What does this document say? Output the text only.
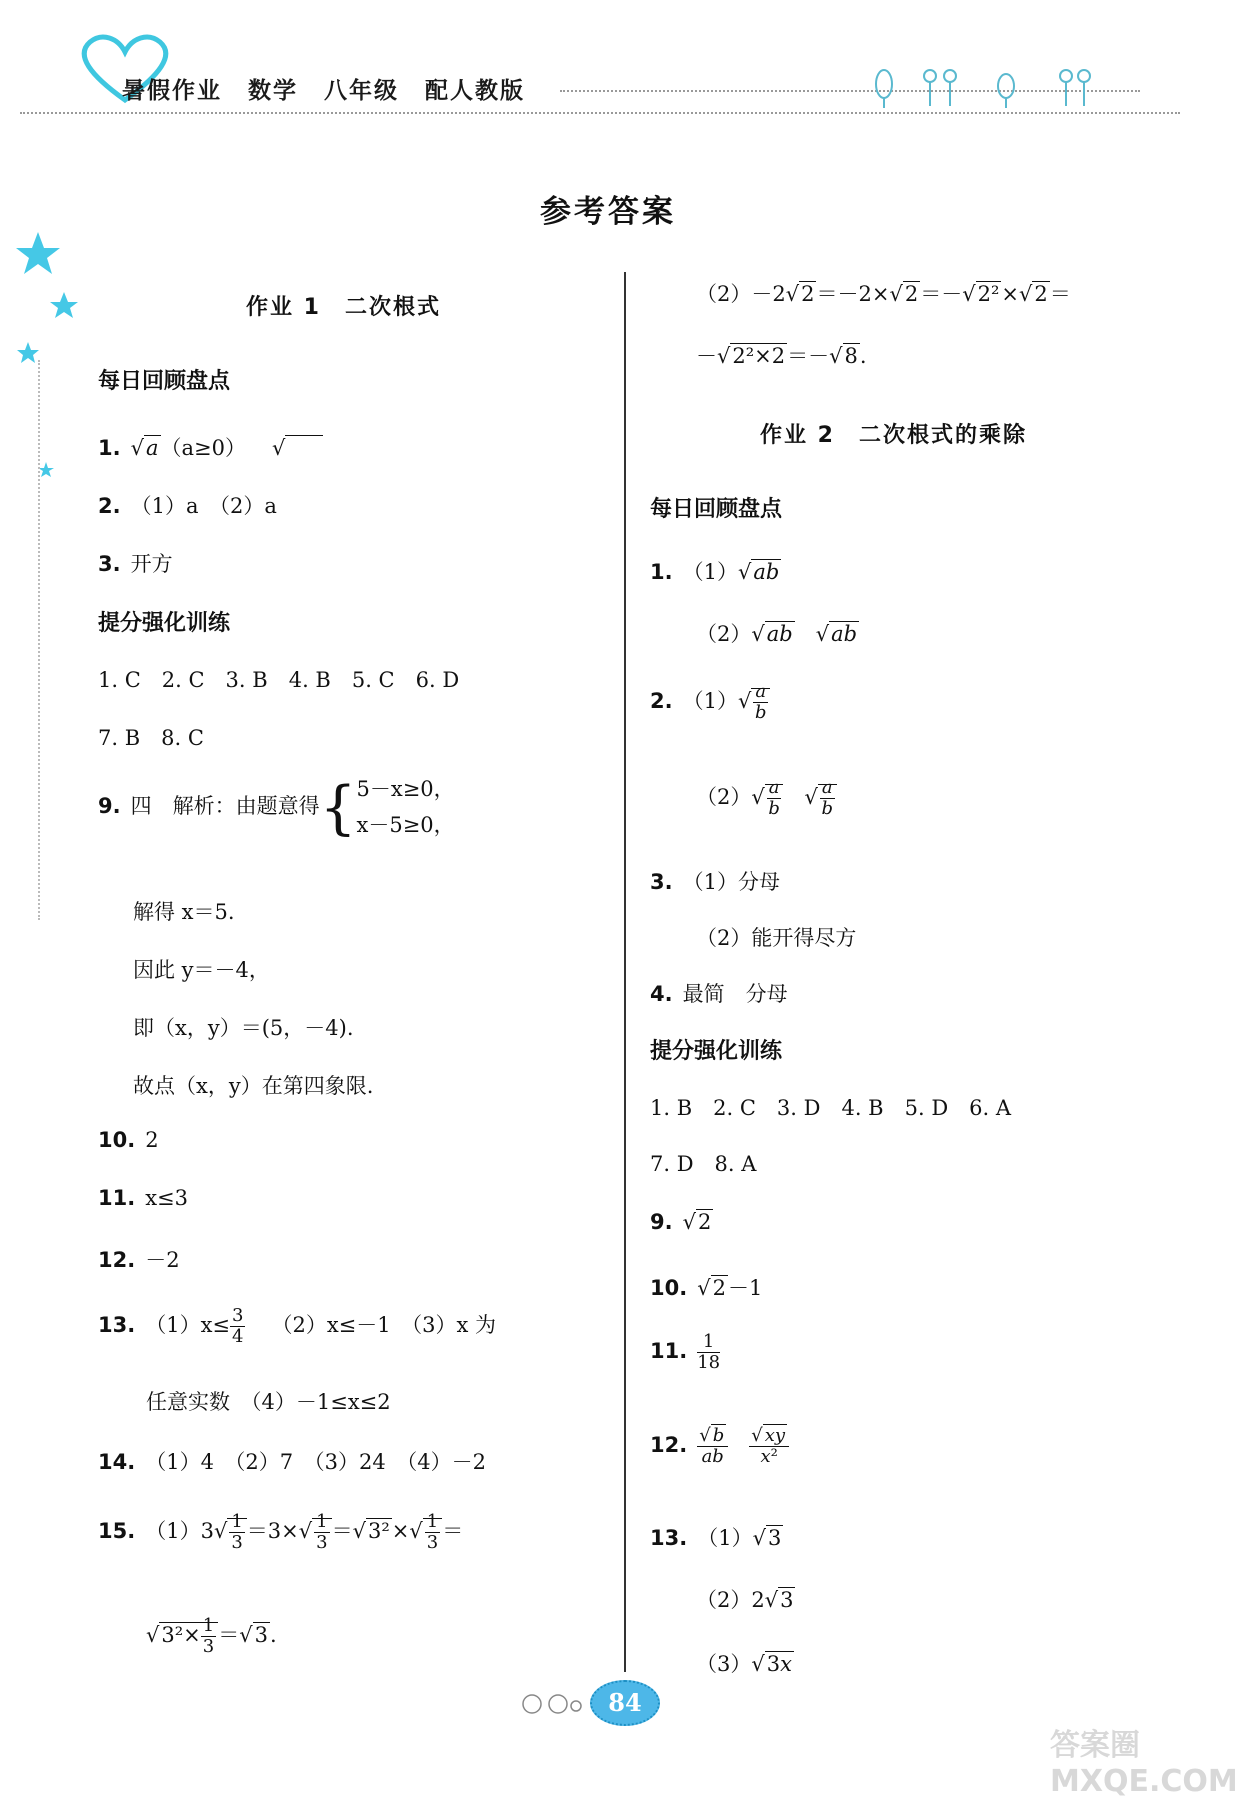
暑假作业 数学 八年级 配人教版
参考答案
作业 1　二次根式
每日回顾盘点
1. √a（a≥0） √
2. （1）a　（2）a
3. 开方
提分强化训练
1. C　2. C　3. B　4. B　5. C　6. D
7. B　8. C
9. 四　解析：由题意得{5－x≥0，
x－5≥0，
解得 x＝5.
因此 y＝－4，
即（x，y）＝(5，－4).
故点（x，y）在第四象限.
10. 2
11. x≤3
12. －2
13. $(1)x\le \frac{3}{4} (2)x\le-1$　（3）x 为
任意实数　（4）－1≤x≤2
14. （1）4　（2）7　（3）24　（4）－2
15. $(1)3√ \frac{1}{3} =3\times√ \frac{1}{3} =√3^2\times√ \frac{1}{3}$ ＝
$√3^2\times \frac{1}{3} =√3$.
（2）－2√2＝－2×√2＝－√2²×√2＝
－√2²×2＝－√8.
作业 2　二次根式的乘除
每日回顾盘点
1. （1）√ab
（2）√ab　√ab
2. $(1)√ \frac{a}{b}$
$(2)√ \frac{a}{b}$ 　√ $\frac{a}{b}$
3. （1）分母
（2）能开得尽方
4. 最简　分母
提分强化训练
1. B　2. C　3. D　4. B　5. D　6. A
7. D　8. A
9. √2
10. √2－1
11. $\frac{1}{18}$
12. $\frac{√ b}{ab}$
　 $\frac{√ xy}{\text{x²}}$
13. （1）√3
（2）2√3
（3）√3x
84
答案圈 MXQE.COM
